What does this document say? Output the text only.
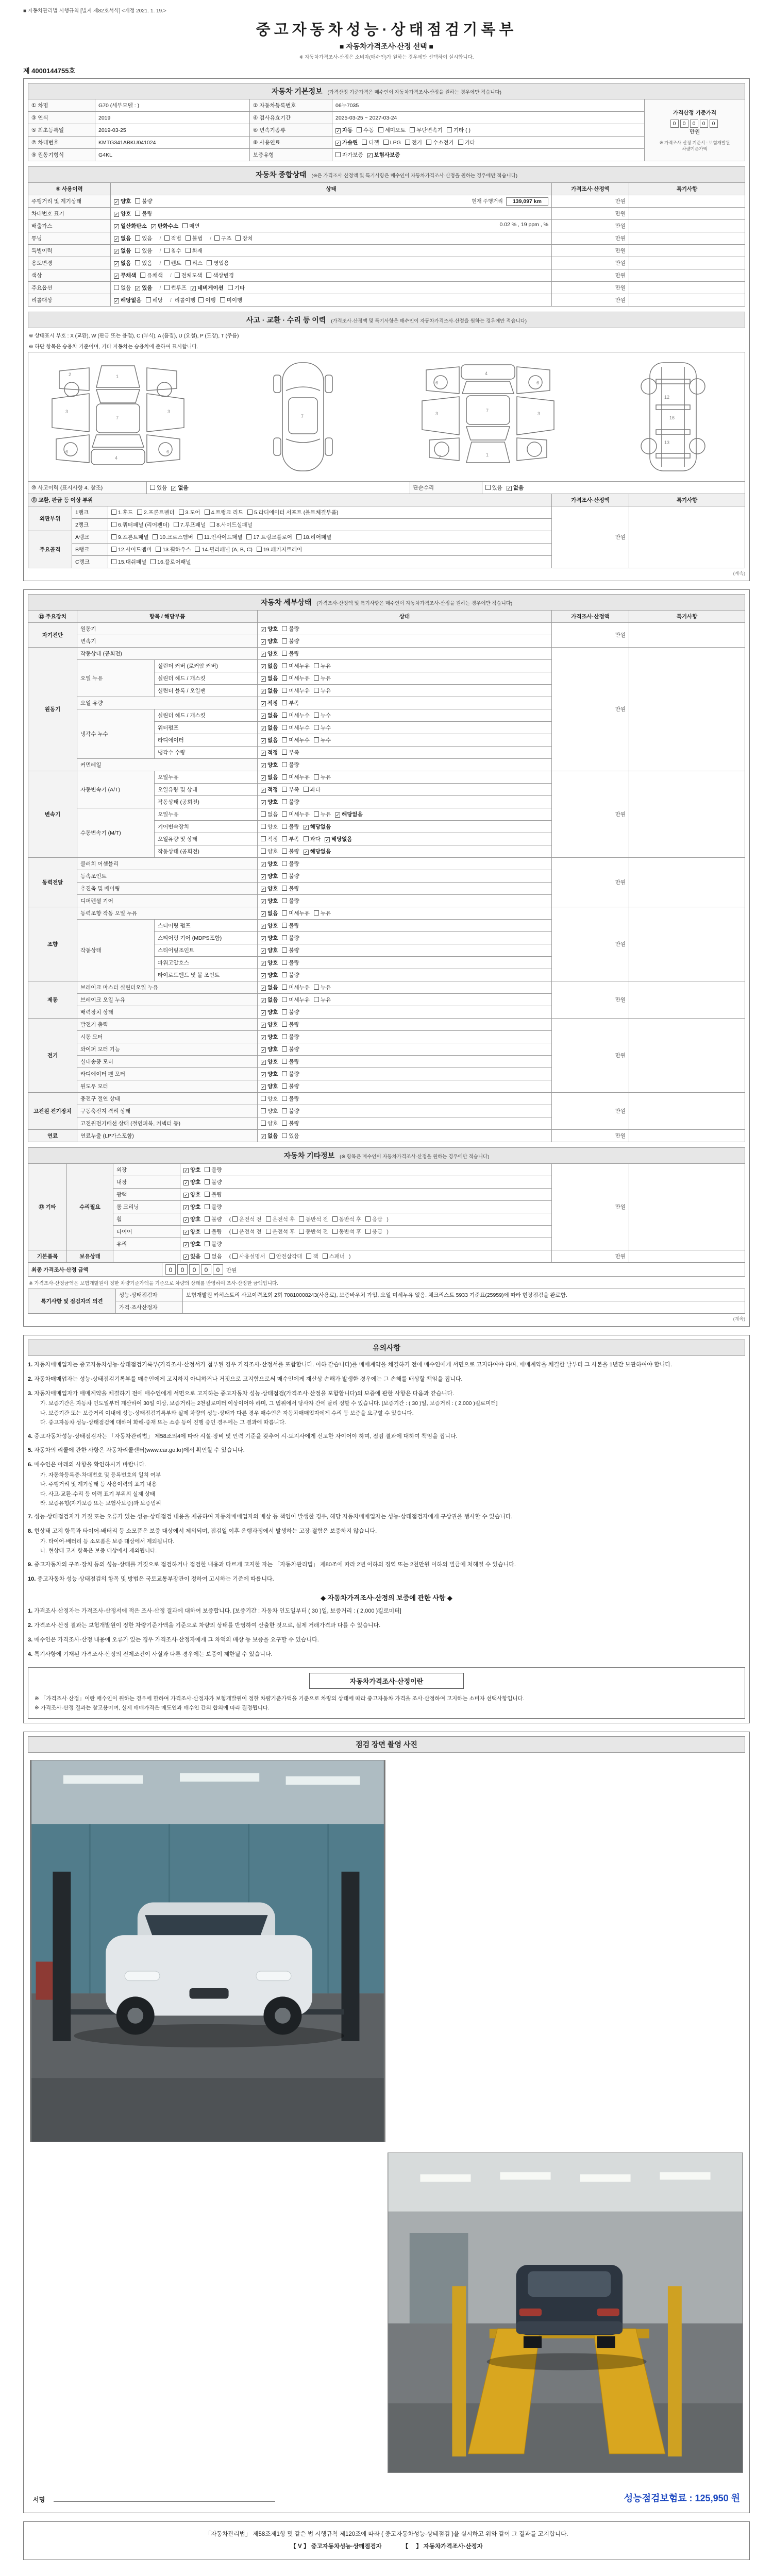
■ 자동차관리법 시행규칙 [별지 제82호서식] <개정 2021. 1. 19.>
중고자동차성능·상태점검기록부
■ 자동차가격조사·산정 선택 ■
※ 자동차가격조사·산정은 소비자(매수인)가 원하는 경우에만 선택하여 실시합니다.
제 4000144755호
자동차 기본정보 (가격산정 기준가격은 매수인이 자동차가격조사·산정을 원하는 경우에만 적습니다)
① 차명	G70 (세부모델 : )	② 자동차등록번호	06누7035	가격산정 기준가격
0 0 0 0 0
만원
※ 가격조사·산정 기준서 : 보험개발원 차량기준가액

③ 연식	2019	④ 검사유효기간	2025-03-25 ~ 2027-03-24	
⑤ 최초등록일	2019-03-25	⑥ 변속기종류	✓ 자동 수동 세미오토 무단변속기 기타 ( )	
⑦ 차대번호	KMTG341ABKU041024	⑧ 사용연료	✓ 가솔린 디젤 LPG 전기 수소전기 기타	
⑨ 원동기형식	G4KL	보증유형	자가보증 ✓ 보험사보증	
자동차 종합상태 (※은 가격조사·산정액 및 특기사항은 매수인이 자동차가격조사·산정을 원하는 경우에만 적습니다)
⑨ 사용이력	상태	가격조사·산정액	특기사항
주행거리 및 계기상태	✓ 양호 불량 현재 주행거리 139,097 km	만원	
차대번호 표기	✓ 양호 불량	만원	
배출가스	✓ 일산화탄소 ✓ 탄화수소 매연 0.02 % , 19 ppm , %	만원	
튜닝	✓ 없음 있음 / 적법 불법 / 구조 장치	만원	
특별이력	✓ 없음 있음 / 침수 화재	만원	
용도변경	✓ 없음 있음 / 렌트 리스 영업용	만원	
색상	✓ 무채색 유채색 / 전체도색 색상변경	만원	
주요옵션	없음 ✓ 있음 / 썬루프 ✓ 네비게이션 기타	만원	
리콜대상	✓ 해당없음 해당 / 리콜이행 이행 미이행	만원	
사고 · 교환 · 수리 등 이력 (가격조사·산정액 및 특기사항은 매수인이 자동차가격조사·산정을 원하는 경우에만 적습니다)
※ 상태표시 부호 : X (교환), W (판금 또는 용접), C (부식), A (흠집), U (요철), P (도장), T (주름)
※ 하단 항목은 승용차 기준이며, 기타 자동차는 승용차에 준하여 표시합니다.
1
2
3	3
7
4
6	6
7
4
6	6
7
3	3
1
2
12
16
13
⑩ 사고이력 (표시사항 4. 참조)	있음 ✓ 없음	단순수리	있음 ✓ 없음
⑪ 교환, 판금 등 이상 부위			가격조사·산정액	특기사항
외판부위	1랭크	1.후드 2.프론트펜더 3.도어 4.트렁크 리드 5.라디에이터 서포트 (볼트체결부품)	만원	
	2랭크	6.쿼터패널 (리어펜더) 7.루프패널 8.사이드실패널		
주요골격	A랭크	9.프론트패널 10.크로스멤버 11.인사이드패널 17.트렁크플로어 18.리어패널		
	B랭크	12.사이드멤버 13.휠하우스 14.필러패널 (A, B, C) 19.패키지트레이		
	C랭크	15.대쉬패널 16.플로어패널		
(계속)
자동차 세부상태 (가격조사·산정액 및 특기사항은 매수인이 자동차가격조사·산정을 원하는 경우에만 적습니다)
⑫ 주요장치	항목 / 해당부품		상태	가격조사·산정액	특기사항
자기진단	원동기		✓ 양호 불량	만원	
	변속기		✓ 양호 불량		
원동기	작동상태 (공회전)		✓ 양호 불량	만원	
	오일 누유	실린더 커버 (로커암 커버)	✓ 없음 미세누유 누유		
		실린더 헤드 / 개스킷	✓ 없음 미세누유 누유		
		실린더 블록 / 오일팬	✓ 없음 미세누유 누유		
	오일 유량		✓ 적정 부족		
	냉각수 누수	실린더 헤드 / 개스킷	✓ 없음 미세누수 누수		
		워터펌프	✓ 없음 미세누수 누수		
		라디에이터	✓ 없음 미세누수 누수		
		냉각수 수량	✓ 적정 부족		
	커먼레일		✓ 양호 불량		
변속기	자동변속기 (A/T)	오일누유	✓ 없음 미세누유 누유	만원	
		오일유량 및 상태	✓ 적정 부족 과다		
		작동상태 (공회전)	✓ 양호 불량		
	수동변속기 (M/T)	오일누유	없음 미세누유 누유 ✓ 해당없음		
		기어변속장치	양호 불량 ✓ 해당없음		
		오일유량 및 상태	적정 부족 과다 ✓ 해당없음		
		작동상태 (공회전)	양호 불량 ✓ 해당없음		
동력전달	클러치 어셈블리		✓ 양호 불량	만원	
	등속조인트		✓ 양호 불량		
	추진축 및 베어링		✓ 양호 불량		
	디퍼렌셜 기어		✓ 양호 불량		
조향	동력조향 작동 오일 누유		✓ 없음 미세누유 누유	만원	
	작동상태	스티어링 펌프	✓ 양호 불량		
		스티어링 기어 (MDPS포함)	✓ 양호 불량		
		스티어링조인트	✓ 양호 불량		
		파워고압호스	✓ 양호 불량		
		타이로드엔드 및 볼 조인트	✓ 양호 불량		
제동	브레이크 마스터 실린더오일 누유		✓ 없음 미세누유 누유	만원	
	브레이크 오일 누유		✓ 없음 미세누유 누유		
	배력장치 상태		✓ 양호 불량		
전기	발전기 출력		✓ 양호 불량	만원	
	시동 모터		✓ 양호 불량		
	와이퍼 모터 기능		✓ 양호 불량		
	실내송풍 모터		✓ 양호 불량		
	라디에이터 팬 모터		✓ 양호 불량		
	윈도우 모터		✓ 양호 불량		
고전원 전기장치	충전구 절연 상태		양호 불량	만원	
	구동축전지 격리 상태		양호 불량		
	고전원전기배선 상태 (절연피복, 커넥터 등)		양호 불량		
연료	연료누출 (LP가스포함)		✓ 없음 있음	만원	
자동차 기타정보 (※ 항목은 매수인이 자동차가격조사·산정을 원하는 경우에만 적습니다)
⑬ 기타	수리필요	외장	✓ 양호 불량	만원	
		내장	✓ 양호 불량		
		광택	✓ 양호 불량		
		룸 크리닝	✓ 양호 불량		
		휠	✓ 양호 불량 ( 운전석 전 운전석 후 동반석 전 동반석 후 응급 )		
		타이어	✓ 양호 불량 ( 운전석 전 운전석 후 동반석 전 동반석 후 응급 )		
		유리	✓ 양호 불량		
기본품목	보유상태		✓ 있음 없음 ( 사용설명서 안전삼각대 잭 스패너 )	만원	
최종 가격조사·산정 금액	0 0 0 0 0 만원
※ 가격조사·산정금액은 보험개발원이 정한 차량기준가액을 기준으로 차량의 상태를 반영하여 조사·산정한 금액입니다.
특기사항 및 점검자의 의견	성능·상태점검자	보험개발원 카히스토리 사고이력조회 2회 70810008243(사용료), 보증바우처 가입, 오일 미세누유 없음. 체크리스트 5933 기준표(25959)에 따라 현장점검을 완료함.
	가격·조사산정자	
(계속)
유의사항
1. 자동차매매업자는 중고자동차성능·상태점검기록부(가격조사·산정서가 첨부된 경우 가격조사·산정서를 포함합니다. 이하 같습니다)를 매매계약을 체결하기 전에 매수인에게 서면으로 고지하여야 하며, 매매계약을 체결한 날부터 그 사본을 1년간 보관하여야 합니다.
2. 자동차매매업자는 성능·상태점검기록부를 매수인에게 고지하지 아니하거나 거짓으로 고지함으로써 매수인에게 재산상 손해가 발생한 경우에는 그 손해를 배상할 책임을 집니다.
3. 자동차매매업자가 매매계약을 체결하기 전에 매수인에게 서면으로 고지하는 중고자동차 성능·상태점검(가격조사·산정을 포함합니다)의 보증에 관한 사항은 다음과 같습니다.
가. 보증기간은 자동차 인도일부터 계산하여 30일 이상, 보증거리는 2천킬로미터 이상이어야 하며, 그 범위에서 당사자 간에 달리 정할 수 있습니다. [보증기간 : ( 30 )일, 보증거리 : ( 2,000 )킬로미터]
나. 보증기간 또는 보증거리 이내에 성능·상태점검기록부와 실제 차량의 성능·상태가 다른 경우 매수인은 자동차매매업자에게 수리 등 보증을 요구할 수 있습니다.
다. 중고자동차 성능·상태점검에 대하여 화해·중재 또는 소송 등이 진행 중인 경우에는 그 결과에 따릅니다.
4. 중고자동차성능·상태점검자는 「자동차관리법」 제58조의4에 따라 시설·장비 및 인력 기준을 갖추어 시·도지사에게 신고한 자이어야 하며, 점검 결과에 대하여 책임을 집니다.
5. 자동차의 리콜에 관한 사항은 자동차리콜센터(www.car.go.kr)에서 확인할 수 있습니다.
6. 매수인은 아래의 사항을 확인하시기 바랍니다.
가. 자동차등록증·차대번호 및 등록번호의 일치 여부
나. 주행거리 및 계기상태 등 사용이력의 표기 내용
다. 사고·교환·수리 등 이력 표기 부위의 실제 상태
라. 보증유형(자가보증 또는 보험사보증)과 보증범위
7. 성능·상태점검자가 거짓 또는 오류가 있는 성능·상태점검 내용을 제공하여 자동차매매업자의 배상 등 책임이 발생한 경우, 해당 자동차매매업자는 성능·상태점검자에게 구상권을 행사할 수 있습니다.
8. 현상태 고지 항목과 타이어·배터리 등 소모품은 보증 대상에서 제외되며, 점검일 이후 운행과정에서 발생하는 고장·결함은 보증하지 않습니다.
가. 타이어·배터리 등 소모품은 보증 대상에서 제외됩니다.
나. 현상태 고지 항목은 보증 대상에서 제외됩니다.
9. 중고자동차의 구조·장치 등의 성능·상태를 거짓으로 점검하거나 점검한 내용과 다르게 고지한 자는 「자동차관리법」 제80조에 따라 2년 이하의 징역 또는 2천만원 이하의 벌금에 처해질 수 있습니다.
10. 중고자동차 성능·상태점검의 항목 및 방법은 국토교통부장관이 정하여 고시하는 기준에 따릅니다.
◆ 자동차가격조사·산정의 보증에 관한 사항 ◆
1. 가격조사·산정자는 가격조사·산정서에 적은 조사·산정 결과에 대하여 보증합니다. [보증기간 : 자동차 인도일부터 ( 30 )일, 보증거리 : ( 2,000 )킬로미터]
2. 가격조사·산정 결과는 보험개발원이 정한 차량기준가액을 기준으로 차량의 상태를 반영하여 산출한 것으로, 실제 거래가격과 다를 수 있습니다.
3. 매수인은 가격조사·산정 내용에 오류가 있는 경우 가격조사·산정자에게 그 차액의 배상 등 보증을 요구할 수 있습니다.
4. 특기사항에 기재된 가격조사·산정의 전제조건이 사실과 다른 경우에는 보증이 제한될 수 있습니다.
자동차가격조사·산정이란
※ 「가격조사·산정」이란 매수인이 원하는 경우에 한하여 가격조사·산정자가 보험개발원이 정한 차량기준가액을 기준으로 차량의 상태에 따라 중고자동차 가격을 조사·산정하여 고지하는 소비자 선택사항입니다.
※ 가격조사·산정 결과는 참고용이며, 실제 매매가격은 매도인과 매수인 간의 합의에 따라 결정됩니다.
점검 장면 촬영 사진
서명	성능점검보험료 : 125,950 원
「자동차관리법」 제58조제1항 및 같은 법 시행규칙 제120조에 따라 ( 중고자동차성능·상태점검 )을 실시하고 위와 같이 그 결과를 고지합니다.
【 V 】 중고자동차성능·상태점검자　　　　【　 】 자동차가격조사·산정자
